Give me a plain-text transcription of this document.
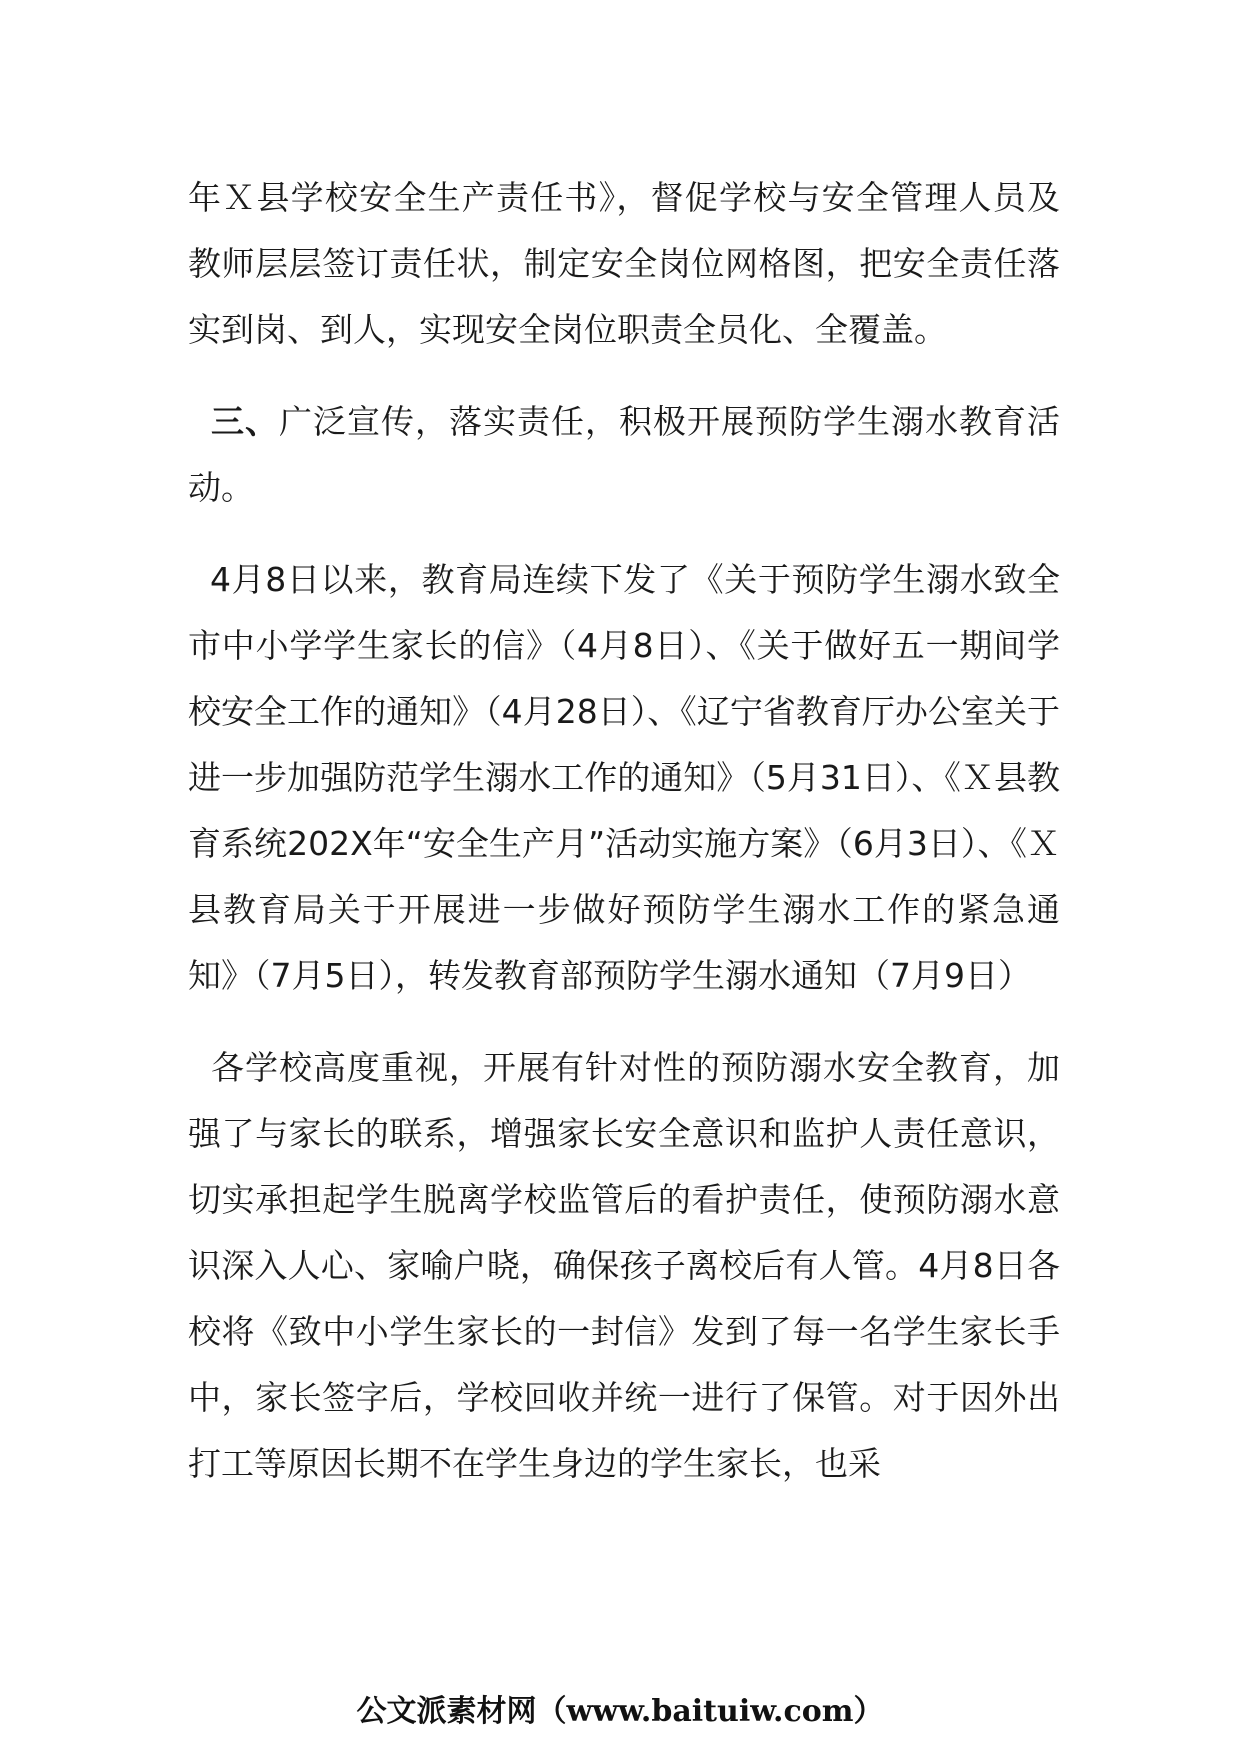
年Ｘ县学校安全生产责任书》，督促学校与安全管理人员及教师层层签订责任状，制定安全岗位网格图，把安全责任落实到岗、到人，实现安全岗位职责全员化、全覆盖。

三、广泛宣传，落实责任，积极开展预防学生溺水教育活动。

4月8日以来，教育局连续下发了《关于预防学生溺水致全市中小学学生家长的信》（4月8日）、《关于做好五一期间学校安全工作的通知》（4月28日）、《辽宁省教育厅办公室关于进一步加强防范学生溺水工作的通知》（5月31日）、《Ｘ县教育系统202X年“安全生产月”活动实施方案》（6月3日）、《Ｘ县教育局关于开展进一步做好预防学生溺水工作的紧急通知》（7月5日），转发教育部预防学生溺水通知（7月9日）

各学校高度重视，开展有针对性的预防溺水安全教育，加强了与家长的联系，增强家长安全意识和监护人责任意识，切实承担起学生脱离学校监管后的看护责任，使预防溺水意识深入人心、家喻户晓，确保孩子离校后有人管。4月8日各校将《致中小学生家长的一封信》发到了每一名学生家长手中，家长签字后，学校回收并统一进行了保管。对于因外出打工等原因长期不在学生身边的学生家长，也采

公文派素材网（www.baituiw.com）
